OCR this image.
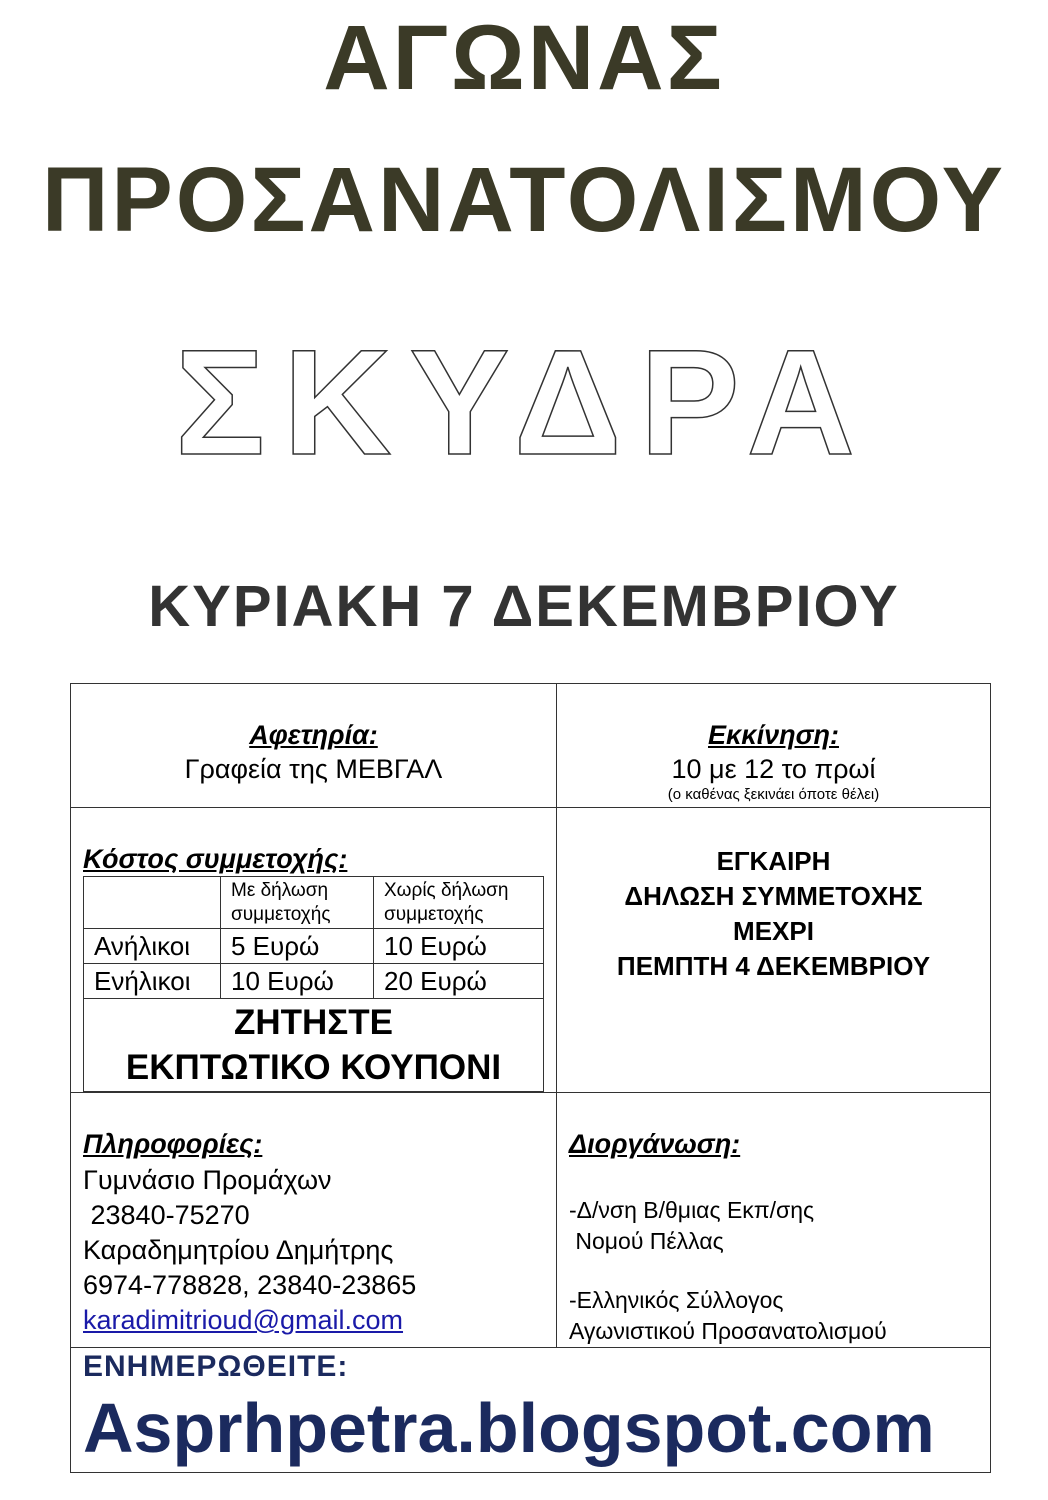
ΑΓΩΝΑΣ
ΠΡΟΣΑΝΑΤΟΛΙΣΜΟΥ
ΣΚΥΔΡΑ
ΚΥΡΙΑΚΗ 7 ΔΕΚΕΜΒΡΙΟΥ
Αφετηρία:
Γραφεία της ΜΕΒΓΑΛ
Εκκίνηση:
10 με 12 το πρωί
(ο καθένας ξεκινάει όποτε θέλει)
Κόστος συμμετοχής:
	Με δήλωση συμμετοχής	Χωρίς δήλωση συμμετοχής
Ανήλικοι	5 Ευρώ	10 Ευρώ
Ενήλικοι	10 Ευρώ	20 Ευρώ

ΖΗΤΗΣΤΕ
ΕΚΠΤΩΤΙΚΟ ΚΟΥΠΟΝΙ		
ΕΓΚΑΙΡΗ
ΔΗΛΩΣΗ ΣΥΜΜΕΤΟΧΗΣ
ΜΕΧΡΙ
ΠΕΜΠΤΗ 4 ΔΕΚΕΜΒΡΙΟΥ
Πληροφορίες:
Γυμνάσιο Προμάχων
23840-75270
Καραδημητρίου Δημήτρης
6974-778828, 23840-23865
karadimitrioud@gmail.com
Διοργάνωση:
-Δ/νση Β/θμιας Εκπ/σης
Νομού Πέλλας
-Ελληνικός Σύλλογος
Αγωνιστικού Προσανατολισμού
ΕΝΗΜΕΡΩΘΕΙΤΕ:
Asprhpetra.blogspot.com
